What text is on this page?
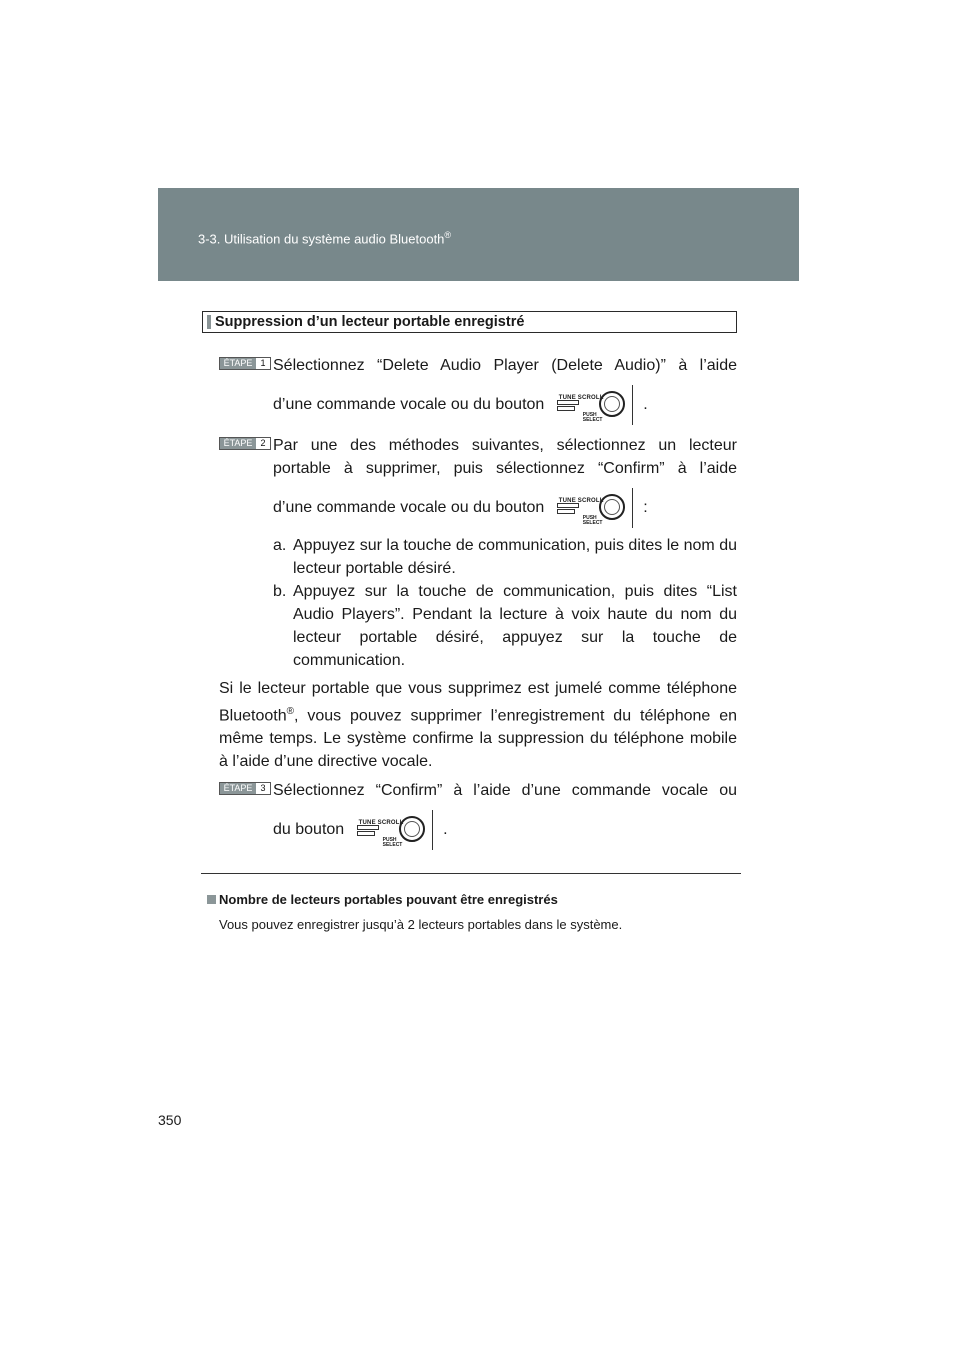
3-3. Utilisation du système audio Bluetooth®
Suppression d’un lecteur portable enregistré
ÉTAPE 1 Sélectionnez “Delete Audio Player (Delete Audio)” à l’aide
d’une commande vocale ou du bouton TUNE SCROLL
PUSH
SELECT
.
ÉTAPE 2 Par une des méthodes suivantes, sélectionnez un lecteur
portable à supprimer, puis sélectionnez “Confirm” à l’aide
d’une commande vocale ou du bouton TUNE SCROLL
PUSH
SELECT
:
a. Appuyez sur la touche de communication, puis dites le nom du lecteur portable désiré.
b. Appuyez sur la touche de communication, puis dites “List Audio Players”. Pendant la lecture à voix haute du nom du lecteur portable désiré, appuyez sur la touche de communication.
Si le lecteur portable que vous supprimez est jumelé comme téléphone Bluetooth®, vous pouvez supprimer l’enregistrement du téléphone en même temps. Le système confirme la suppression du téléphone mobile à l’aide d’une directive vocale.
ÉTAPE 3 Sélectionnez “Confirm” à l’aide d’une commande vocale ou
du bouton TUNE SCROLL
PUSH
SELECT
.
Nombre de lecteurs portables pouvant être enregistrés
Vous pouvez enregistrer jusqu’à 2 lecteurs portables dans le système.
350
